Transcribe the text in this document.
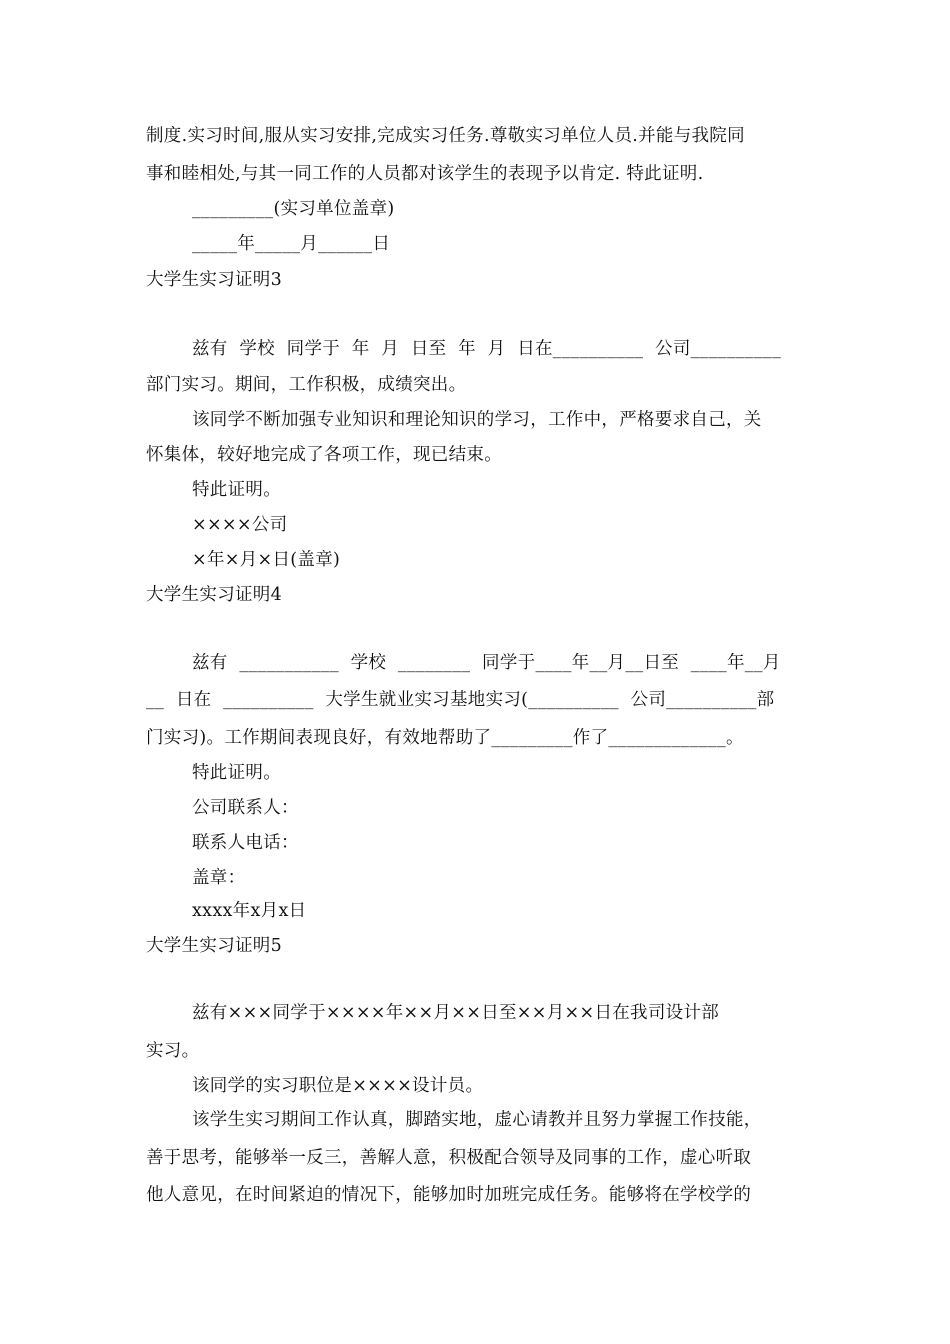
制度.实习时间,服从实习安排,完成实习任务.尊敬实习单位人员.并能与我院同
事和睦相处,与其一同工作的人员都对该学生的表现予以肯定. 特此证明.
_________(实习单位盖章)
_____年_____月______日
大学生实习证明3
兹有  学校  同学于  年  月  日至  年  月  日在__________  公司__________
部门实习。期间，工作积极，成绩突出。
该同学不断加强专业知识和理论知识的学习，工作中，严格要求自己，关
怀集体，较好地完成了各项工作，现已结束。
特此证明。
××××公司
×年×月×日(盖章)
大学生实习证明4
兹有  ___________  学校  ________  同学于____年__月__日至  ____年__月
__  日在  __________  大学生就业实习基地实习(__________  公司__________部
门实习)。工作期间表现良好，有效地帮助了_________作了_____________。
特此证明。
公司联系人：
联系人电话：
盖章：
xxxx年x月x日
大学生实习证明5
兹有×××同学于××××年××月××日至××月××日在我司设计部
实习。
该同学的实习职位是××××设计员。
该学生实习期间工作认真，脚踏实地，虚心请教并且努力掌握工作技能，
善于思考，能够举一反三，善解人意，积极配合领导及同事的工作，虚心听取
他人意见，在时间紧迫的情况下，能够加时加班完成任务。能够将在学校学的
